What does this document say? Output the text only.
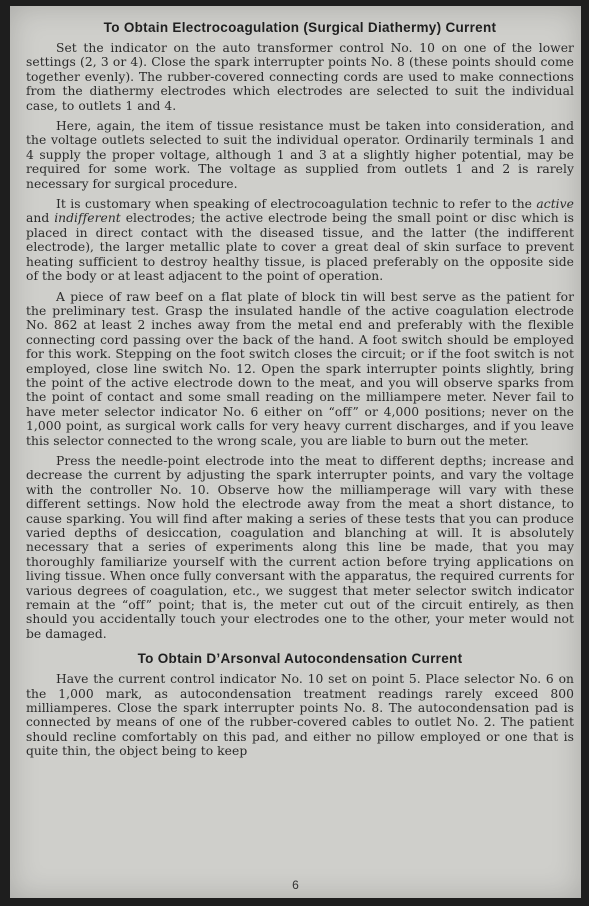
To Obtain Electrocoagulation (Surgical Diathermy) Current

Set the indicator on the auto transformer control No. 10 on one of the lower settings (2, 3 or 4). Close the spark interrupter points No. 8 (these points should come together evenly). The rubber-covered connecting cords are used to make connections from the diathermy electrodes which electrodes are selected to suit the individual case, to outlets 1 and 4.

Here, again, the item of tissue resistance must be taken into consideration, and the voltage outlets selected to suit the individual operator. Ordinarily terminals 1 and 4 supply the proper voltage, although 1 and 3 at a slightly higher potential, may be required for some work. The voltage as supplied from outlets 1 and 2 is rarely necessary for surgical procedure.

It is customary when speaking of electrocoagulation technic to refer to the active and indifferent electrodes; the active electrode being the small point or disc which is placed in direct contact with the diseased tissue, and the latter (the indifferent electrode), the larger metallic plate to cover a great deal of skin surface to prevent heating sufficient to destroy healthy tissue, is placed preferably on the opposite side of the body or at least adjacent to the point of operation.

A piece of raw beef on a flat plate of block tin will best serve as the patient for the preliminary test. Grasp the insulated handle of the active coagulation electrode No. 862 at least 2 inches away from the metal end and preferably with the flexible connecting cord passing over the back of the hand. A foot switch should be employed for this work. Stepping on the foot switch closes the circuit; or if the foot switch is not employed, close line switch No. 12. Open the spark interrupter points slightly, bring the point of the active electrode down to the meat, and you will observe sparks from the point of contact and some small reading on the milliampere meter. Never fail to have meter selector indicator No. 6 either on “off” or 4,000 positions; never on the 1,000 point, as surgical work calls for very heavy current discharges, and if you leave this selector connected to the wrong scale, you are liable to burn out the meter.

Press the needle-point electrode into the meat to different depths; increase and decrease the current by adjusting the spark interrupter points, and vary the voltage with the controller No. 10. Observe how the milliamperage will vary with these different settings. Now hold the electrode away from the meat a short distance, to cause sparking. You will find after making a series of these tests that you can produce varied depths of desiccation, coagulation and blanching at will. It is absolutely necessary that a series of experiments along this line be made, that you may thoroughly familiarize yourself with the current action before trying applications on living tissue. When once fully conversant with the apparatus, the required currents for various degrees of coagulation, etc., we suggest that meter selector switch indicator remain at the “off” point; that is, the meter cut out of the circuit entirely, as then should you accidentally touch your electrodes one to the other, your meter would not be damaged.

To Obtain D’Arsonval Autocondensation Current

Have the current control indicator No. 10 set on point 5. Place selector No. 6 on the 1,000 mark, as autocondensation treatment readings rarely exceed 800 milliamperes. Close the spark interrupter points No. 8. The autocondensation pad is connected by means of one of the rubber-covered cables to outlet No. 2. The patient should recline comfortably on this pad, and either no pillow employed or one that is quite thin, the object being to keep

6
